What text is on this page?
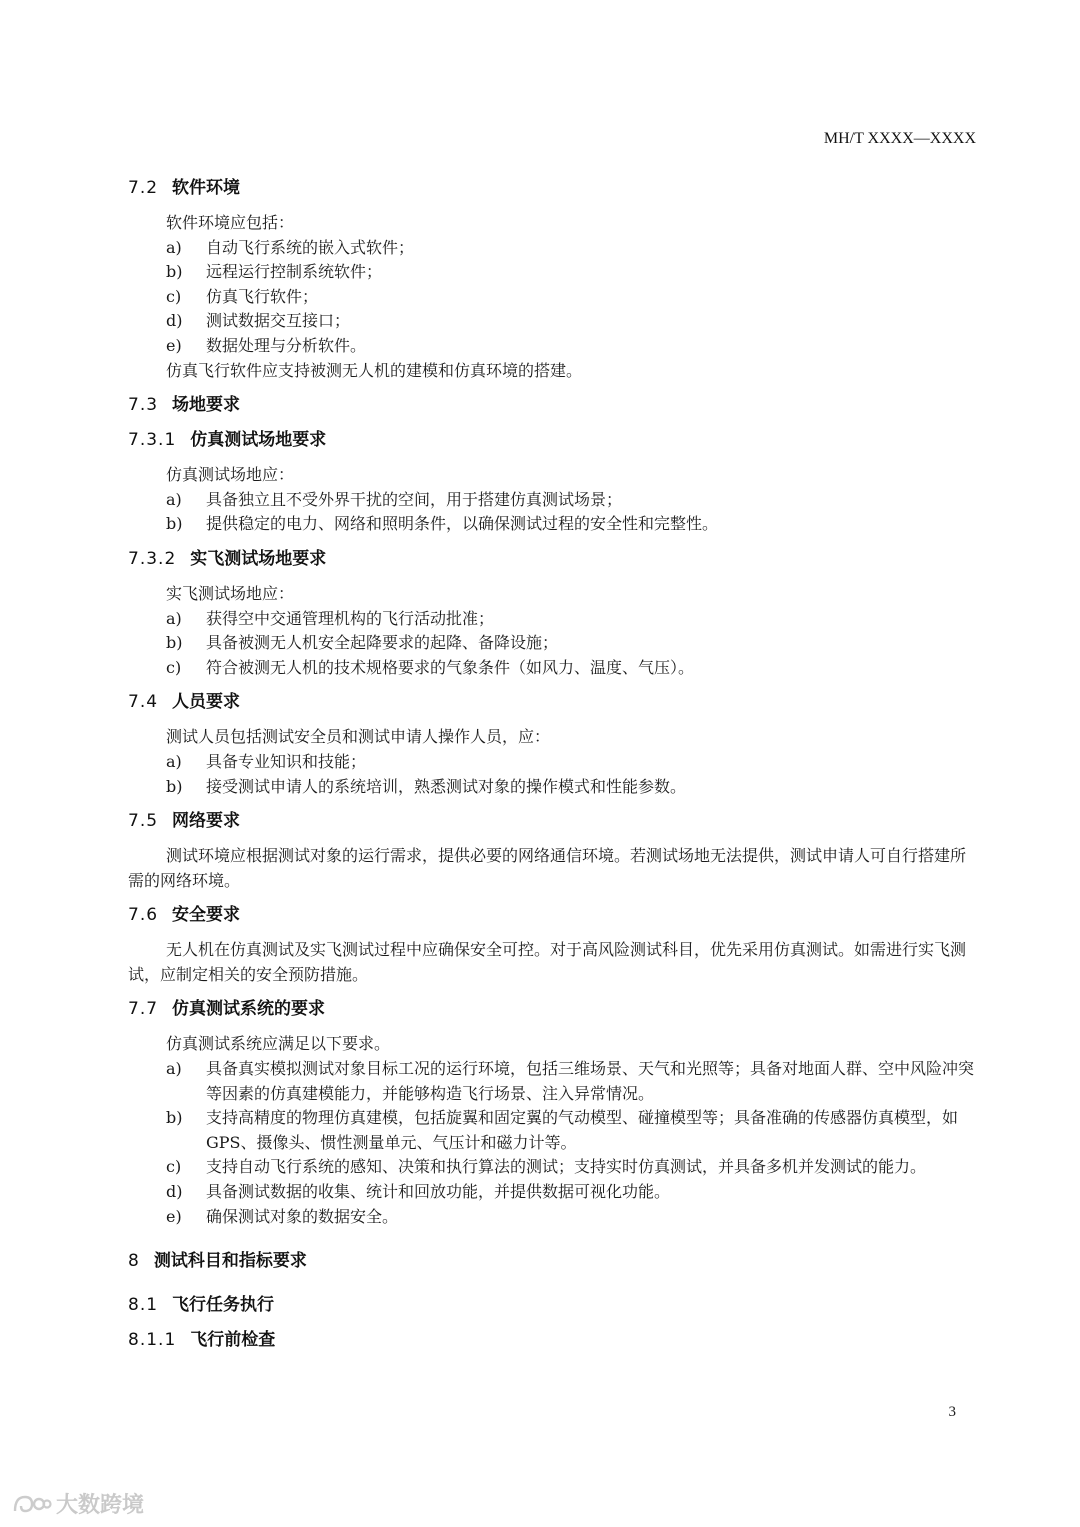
MH/T XXXX—XXXX
7.2 软件环境

软件环境应包括：

a) 自动飞行系统的嵌入式软件；
b) 远程运行控制系统软件；
c) 仿真飞行软件；
d) 测试数据交互接口；
e) 数据处理与分析软件。

仿真飞行软件应支持被测无人机的建模和仿真环境的搭建。

7.3 场地要求
7.3.1 仿真测试场地要求

仿真测试场地应：

a) 具备独立且不受外界干扰的空间，用于搭建仿真测试场景；
b) 提供稳定的电力、网络和照明条件，以确保测试过程的安全性和完整性。
7.3.2 实飞测试场地要求

实飞测试场地应：

a) 获得空中交通管理机构的飞行活动批准；
b) 具备被测无人机安全起降要求的起降、备降设施；
c) 符合被测无人机的技术规格要求的气象条件（如风力、温度、气压）。
7.4 人员要求

测试人员包括测试安全员和测试申请人操作人员，应：

a) 具备专业知识和技能；
b) 接受测试申请人的系统培训，熟悉测试对象的操作模式和性能参数。
7.5 网络要求

测试环境应根据测试对象的运行需求，提供必要的网络通信环境。若测试场地无法提供，测试申请人可自行搭建所需的网络环境。

7.6 安全要求

无人机在仿真测试及实飞测试过程中应确保安全可控。对于高风险测试科目，优先采用仿真测试。如需进行实飞测试，应制定相关的安全预防措施。

7.7 仿真测试系统的要求

仿真测试系统应满足以下要求。

a) 具备真实模拟测试对象目标工况的运行环境，包括三维场景、天气和光照等；具备对地面人群、空中风险冲突等因素的仿真建模能力，并能够构造飞行场景、注入异常情况。
b) 支持高精度的物理仿真建模，包括旋翼和固定翼的气动模型、碰撞模型等；具备准确的传感器仿真模型，如 GPS、摄像头、惯性测量单元、气压计和磁力计等。
c) 支持自动飞行系统的感知、决策和执行算法的测试；支持实时仿真测试，并具备多机并发测试的能力。
d) 具备测试数据的收集、统计和回放功能，并提供数据可视化功能。
e) 确保测试对象的数据安全。
8 测试科目和指标要求
8.1 飞行任务执行
8.1.1 飞行前检查
3
大数跨境
